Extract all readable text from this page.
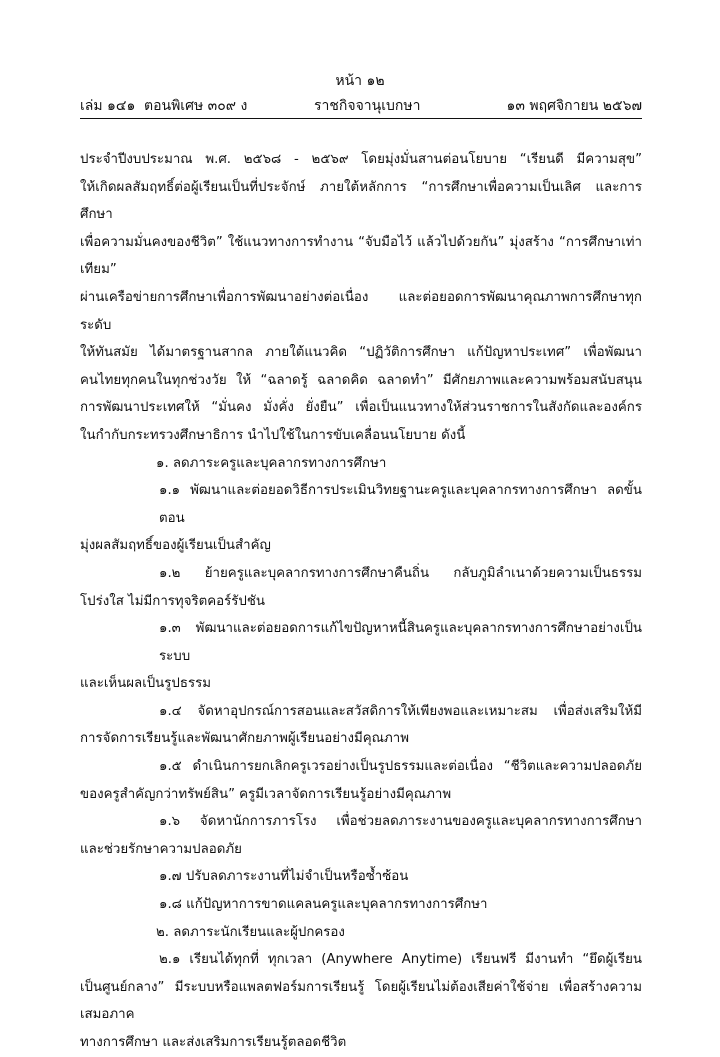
หน้า ๑๒
เล่ม ๑๔๑ ตอนพิเศษ ๓๐๙ ง	ราชกิจจานุเบกษา	๑๓ พฤศจิกายน ๒๕๖๗

ประจำปีงบประมาณ พ.ศ. ๒๕๖๘ - ๒๕๖๙ โดยมุ่งมั่นสานต่อนโยบาย “เรียนดี มีความสุข”

ให้เกิดผลสัมฤทธิ์ต่อผู้เรียนเป็นที่ประจักษ์ ภายใต้หลักการ “การศึกษาเพื่อความเป็นเลิศ และการศึกษา

เพื่อความมั่นคงของชีวิต” ใช้แนวทางการทำงาน “จับมือไว้ แล้วไปด้วยกัน” มุ่งสร้าง “การศึกษาเท่าเทียม”

ผ่านเครือข่ายการศึกษาเพื่อการพัฒนาอย่างต่อเนื่อง และต่อยอดการพัฒนาคุณภาพการศึกษาทุกระดับ

ให้ทันสมัย ได้มาตรฐานสากล ภายใต้แนวคิด “ปฏิวัติการศึกษา แก้ปัญหาประเทศ” เพื่อพัฒนา

คนไทยทุกคนในทุกช่วงวัย ให้ “ฉลาดรู้ ฉลาดคิด ฉลาดทำ” มีศักยภาพและความพร้อมสนับสนุน

การพัฒนาประเทศให้ “มั่นคง มั่งคั่ง ยั่งยืน” เพื่อเป็นแนวทางให้ส่วนราชการในสังกัดและองค์กร

ในกำกับกระทรวงศึกษาธิการ นำไปใช้ในการขับเคลื่อนนโยบาย ดังนี้

๑. ลดภาระครูและบุคลากรทางการศึกษา

๑.๑ พัฒนาและต่อยอดวิธีการประเมินวิทยฐานะครูและบุคลากรทางการศึกษา ลดขั้นตอน

มุ่งผลสัมฤทธิ์ของผู้เรียนเป็นสำคัญ

๑.๒ ย้ายครูและบุคลากรทางการศึกษาคืนถิ่น กลับภูมิลำเนาด้วยความเป็นธรรม

โปร่งใส ไม่มีการทุจริตคอร์รัปชัน

๑.๓ พัฒนาและต่อยอดการแก้ไขปัญหาหนี้สินครูและบุคลากรทางการศึกษาอย่างเป็นระบบ

และเห็นผลเป็นรูปธรรม

๑.๔ จัดหาอุปกรณ์การสอนและสวัสดิการให้เพียงพอและเหมาะสม เพื่อส่งเสริมให้มี

การจัดการเรียนรู้และพัฒนาศักยภาพผู้เรียนอย่างมีคุณภาพ

๑.๕ ดำเนินการยกเลิกครูเวรอย่างเป็นรูปธรรมและต่อเนื่อง “ชีวิตและความปลอดภัย

ของครูสำคัญกว่าทรัพย์สิน” ครูมีเวลาจัดการเรียนรู้อย่างมีคุณภาพ

๑.๖ จัดหานักการภารโรง เพื่อช่วยลดภาระงานของครูและบุคลากรทางการศึกษา

และช่วยรักษาความปลอดภัย

๑.๗ ปรับลดภาระงานที่ไม่จำเป็นหรือซ้ำซ้อน

๑.๘ แก้ปัญหาการขาดแคลนครูและบุคลากรทางการศึกษา

๒. ลดภาระนักเรียนและผู้ปกครอง

๒.๑ เรียนได้ทุกที่ ทุกเวลา (Anywhere Anytime) เรียนฟรี มีงานทำ “ยึดผู้เรียน

เป็นศูนย์กลาง” มีระบบหรือแพลตฟอร์มการเรียนรู้ โดยผู้เรียนไม่ต้องเสียค่าใช้จ่าย เพื่อสร้างความเสมอภาค

ทางการศึกษา และส่งเสริมการเรียนรู้ตลอดชีวิต
